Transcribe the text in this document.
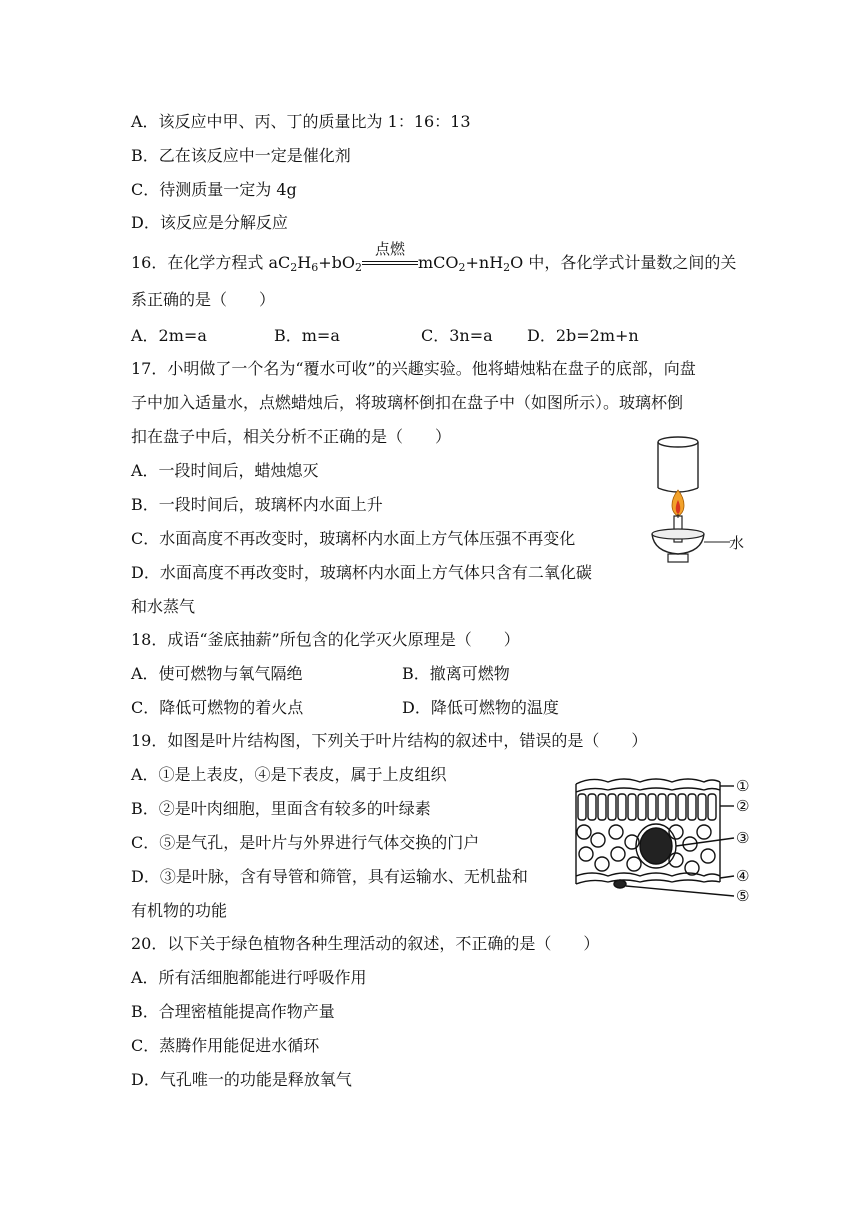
A．该反应中甲、丙、丁的质量比为 1：16：13
B．乙在该反应中一定是催化剂
C．待测质量一定为 4g
D．该反应是分解反应
16．在化学方程式 $aC_2H_6+bO_2$
点燃
$mCO_2+nH_2O$ 中，各化学式计量数之间的关
系正确的是（　　）
A．2m=a	B．m=a	C．3n=a D．2b=2m+n
17．小明做了一个名为“覆水可收”的兴趣实验。他将蜡烛粘在盘子的底部，向盘
子中加入适量水，点燃蜡烛后，将玻璃杯倒扣在盘子中（如图所示）。玻璃杯倒
扣在盘子中后，相关分析不正确的是（　　）
A．一段时间后，蜡烛熄灭
B．一段时间后，玻璃杯内水面上升
C．水面高度不再改变时，玻璃杯内水面上方气体压强不再变化
D．水面高度不再改变时，玻璃杯内水面上方气体只含有二氧化碳
和水蒸气
水
18．成语“釜底抽薪”所包含的化学灭火原理是（　　）
A．使可燃物与氧气隔绝	B．撤离可燃物
C．降低可燃物的着火点	D．降低可燃物的温度
19．如图是叶片结构图，下列关于叶片结构的叙述中，错误的是（　　）
A．①是上表皮，④是下表皮，属于上皮组织
B．②是叶肉细胞，里面含有较多的叶绿素
C．⑤是气孔，是叶片与外界进行气体交换的门户
D．③是叶脉，含有导管和筛管，具有运输水、无机盐和
有机物的功能
①
②
③
④
⑤
20．以下关于绿色植物各种生理活动的叙述，不正确的是（　　）
A．所有活细胞都能进行呼吸作用
B．合理密植能提高作物产量
C．蒸腾作用能促进水循环
D．气孔唯一的功能是释放氧气
